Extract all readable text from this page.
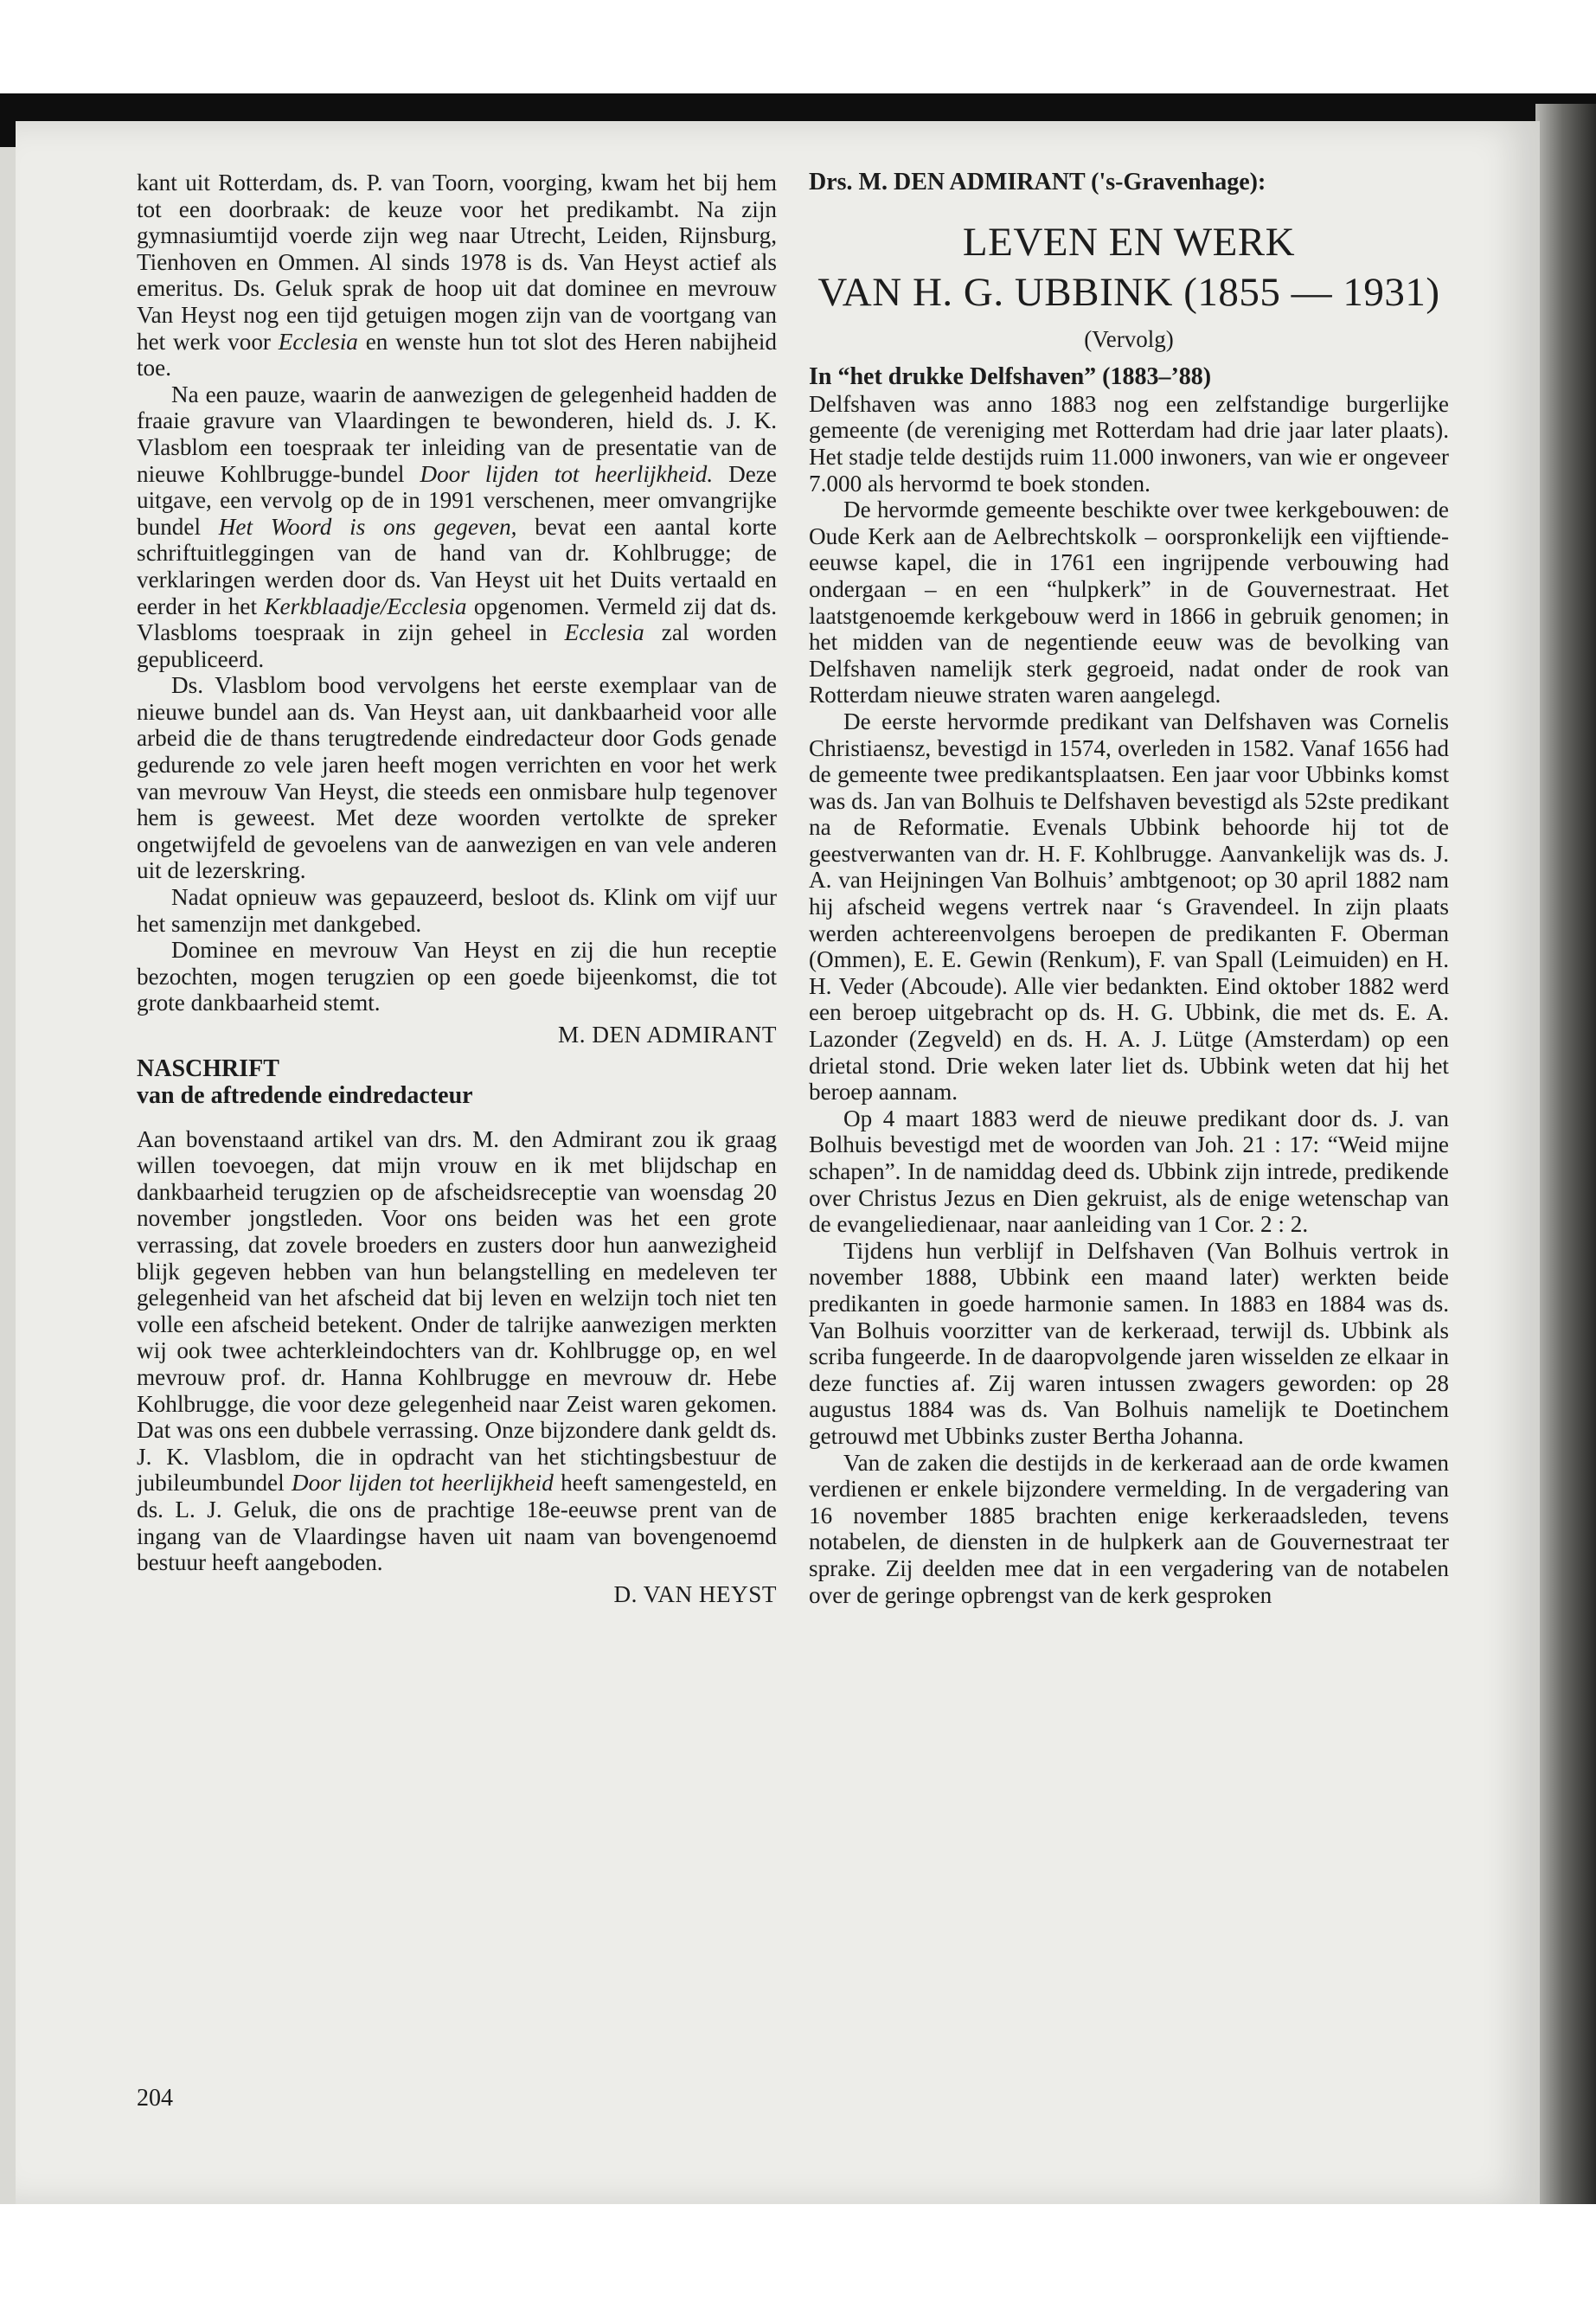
kant uit Rotterdam, ds. P. van Toorn, voorging, kwam het bij hem tot een doorbraak: de keuze voor het predikambt. Na zijn gymnasiumtijd voerde zijn weg naar Utrecht, Leiden, Rijnsburg, Tienhoven en Ommen. Al sinds 1978 is ds. Van Heyst actief als emeritus. Ds. Geluk sprak de hoop uit dat dominee en mevrouw Van Heyst nog een tijd getuigen mogen zijn van de voortgang van het werk voor Ecclesia en wenste hun tot slot des Heren nabijheid toe.

Na een pauze, waarin de aanwezigen de gelegenheid hadden de fraaie gravure van Vlaardingen te bewonderen, hield ds. J. K. Vlasblom een toespraak ter inleiding van de presentatie van de nieuwe Kohlbrugge-bundel Door lijden tot heerlijkheid. Deze uitgave, een vervolg op de in 1991 verschenen, meer omvangrijke bundel Het Woord is ons gegeven, bevat een aantal korte schriftuitleggingen van de hand van dr. Kohlbrugge; de verklaringen werden door ds. Van Heyst uit het Duits vertaald en eerder in het Kerkblaadje/Ecclesia opgenomen. Vermeld zij dat ds. Vlasbloms toespraak in zijn geheel in Ecclesia zal worden gepubliceerd.

Ds. Vlasblom bood vervolgens het eerste exemplaar van de nieuwe bundel aan ds. Van Heyst aan, uit dankbaarheid voor alle arbeid die de thans terugtredende eindredacteur door Gods genade gedurende zo vele jaren heeft mogen verrichten en voor het werk van mevrouw Van Heyst, die steeds een onmisbare hulp tegenover hem is geweest. Met deze woorden vertolkte de spreker ongetwijfeld de gevoelens van de aanwezigen en van vele anderen uit de lezerskring.

Nadat opnieuw was gepauzeerd, besloot ds. Klink om vijf uur het samenzijn met dankgebed.

Dominee en mevrouw Van Heyst en zij die hun receptie bezochten, mogen terugzien op een goede bijeenkomst, die tot grote dankbaarheid stemt.

M. DEN ADMIRANT
NASCHRIFT
van de aftredende eindredacteur

Aan bovenstaand artikel van drs. M. den Admirant zou ik graag willen toevoegen, dat mijn vrouw en ik met blijdschap en dankbaarheid terugzien op de afscheidsreceptie van woensdag 20 november jongstleden. Voor ons beiden was het een grote verrassing, dat zovele broeders en zusters door hun aanwezigheid blijk gegeven hebben van hun belangstelling en medeleven ter gelegenheid van het afscheid dat bij leven en welzijn toch niet ten volle een afscheid betekent. Onder de talrijke aanwezigen merkten wij ook twee achterkleindochters van dr. Kohlbrugge op, en wel mevrouw prof. dr. Hanna Kohlbrugge en mevrouw dr. Hebe Kohlbrugge, die voor deze gelegenheid naar Zeist waren gekomen. Dat was ons een dubbele verrassing. Onze bijzondere dank geldt ds. J. K. Vlasblom, die in opdracht van het stichtingsbestuur de jubileumbundel Door lijden tot heerlijkheid heeft samengesteld, en ds. L. J. Geluk, die ons de prachtige 18e-eeuwse prent van de ingang van de Vlaardingse haven uit naam van bovengenoemd bestuur heeft aangeboden.

D. VAN HEYST
Drs. M. DEN ADMIRANT ('s-Gravenhage):
LEVEN EN WERK
VAN H. G. UBBINK (1855 — 1931)
(Vervolg)
In “het drukke Delfshaven” (1883–’88)

Delfshaven was anno 1883 nog een zelfstandige burgerlijke gemeente (de vereniging met Rotterdam had drie jaar later plaats). Het stadje telde destijds ruim 11.000 inwoners, van wie er ongeveer 7.000 als hervormd te boek stonden.

De hervormde gemeente beschikte over twee kerkgebouwen: de Oude Kerk aan de Aelbrechtskolk – oorspronkelijk een vijftiende-eeuwse kapel, die in 1761 een ingrijpende verbouwing had ondergaan – en een “hulpkerk” in de Gouvernestraat. Het laatstgenoemde kerkgebouw werd in 1866 in gebruik genomen; in het midden van de negentiende eeuw was de bevolking van Delfshaven namelijk sterk gegroeid, nadat onder de rook van Rotterdam nieuwe straten waren aangelegd.

De eerste hervormde predikant van Delfshaven was Cornelis Christiaensz, bevestigd in 1574, overleden in 1582. Vanaf 1656 had de gemeente twee predikantsplaatsen. Een jaar voor Ubbinks komst was ds. Jan van Bolhuis te Delfshaven bevestigd als 52ste predikant na de Reformatie. Evenals Ubbink behoorde hij tot de geestverwanten van dr. H. F. Kohlbrugge. Aanvankelijk was ds. J. A. van Heijningen Van Bolhuis’ ambtgenoot; op 30 april 1882 nam hij afscheid wegens vertrek naar ‘s Gravendeel. In zijn plaats werden achtereenvolgens beroepen de predikanten F. Oberman (Ommen), E. E. Gewin (Renkum), F. van Spall (Leimuiden) en H. H. Veder (Abcoude). Alle vier bedankten. Eind oktober 1882 werd een beroep uitgebracht op ds. H. G. Ubbink, die met ds. E. A. Lazonder (Zegveld) en ds. H. A. J. Lütge (Amsterdam) op een drietal stond. Drie weken later liet ds. Ubbink weten dat hij het beroep aannam.

Op 4 maart 1883 werd de nieuwe predikant door ds. J. van Bolhuis bevestigd met de woorden van Joh. 21 : 17: “Weid mijne schapen”. In de namiddag deed ds. Ubbink zijn intrede, predikende over Christus Jezus en Dien gekruist, als de enige wetenschap van de evangeliedienaar, naar aanleiding van 1 Cor. 2 : 2.

Tijdens hun verblijf in Delfshaven (Van Bolhuis vertrok in november 1888, Ubbink een maand later) werkten beide predikanten in goede harmonie samen. In 1883 en 1884 was ds. Van Bolhuis voorzitter van de kerkeraad, terwijl ds. Ubbink als scriba fungeerde. In de daaropvolgende jaren wisselden ze elkaar in deze functies af. Zij waren intussen zwagers geworden: op 28 augustus 1884 was ds. Van Bolhuis namelijk te Doetinchem getrouwd met Ubbinks zuster Bertha Johanna.

Van de zaken die destijds in de kerkeraad aan de orde kwamen verdienen er enkele bijzondere vermelding. In de vergadering van 16 november 1885 brachten enige kerkeraadsleden, tevens notabelen, de diensten in de hulpkerk aan de Gouvernestraat ter sprake. Zij deelden mee dat in een vergadering van de notabelen over de geringe opbrengst van de kerk gesproken

204
